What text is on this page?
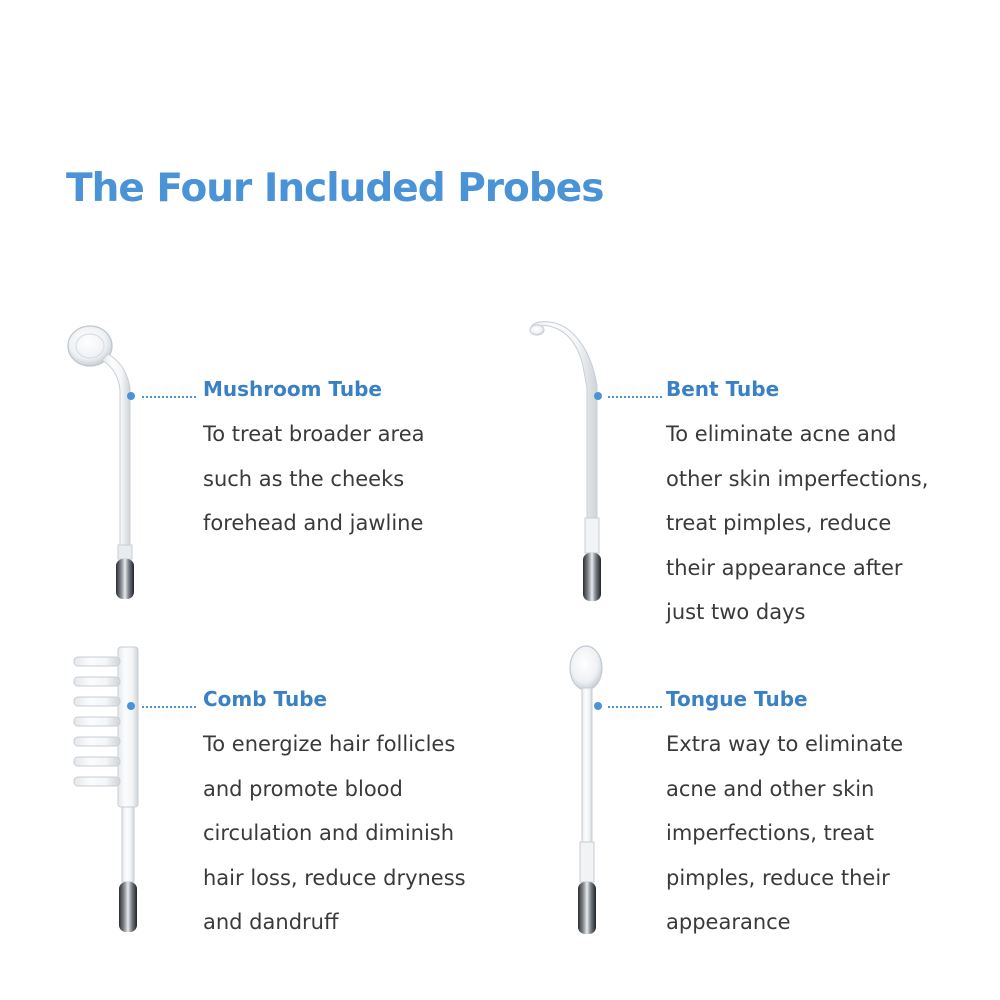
The Four Included Probes
Mushroom Tube
To treat broader area
such as the cheeks
forehead and jawline
Bent Tube
To eliminate acne and
other skin imperfections,
treat pimples, reduce
their appearance after
just two days
Comb Tube
To energize hair follicles
and promote blood
circulation and diminish
hair loss, reduce dryness
and dandruff
Tongue Tube
Extra way to eliminate
acne and other skin
imperfections, treat
pimples, reduce their
appearance
